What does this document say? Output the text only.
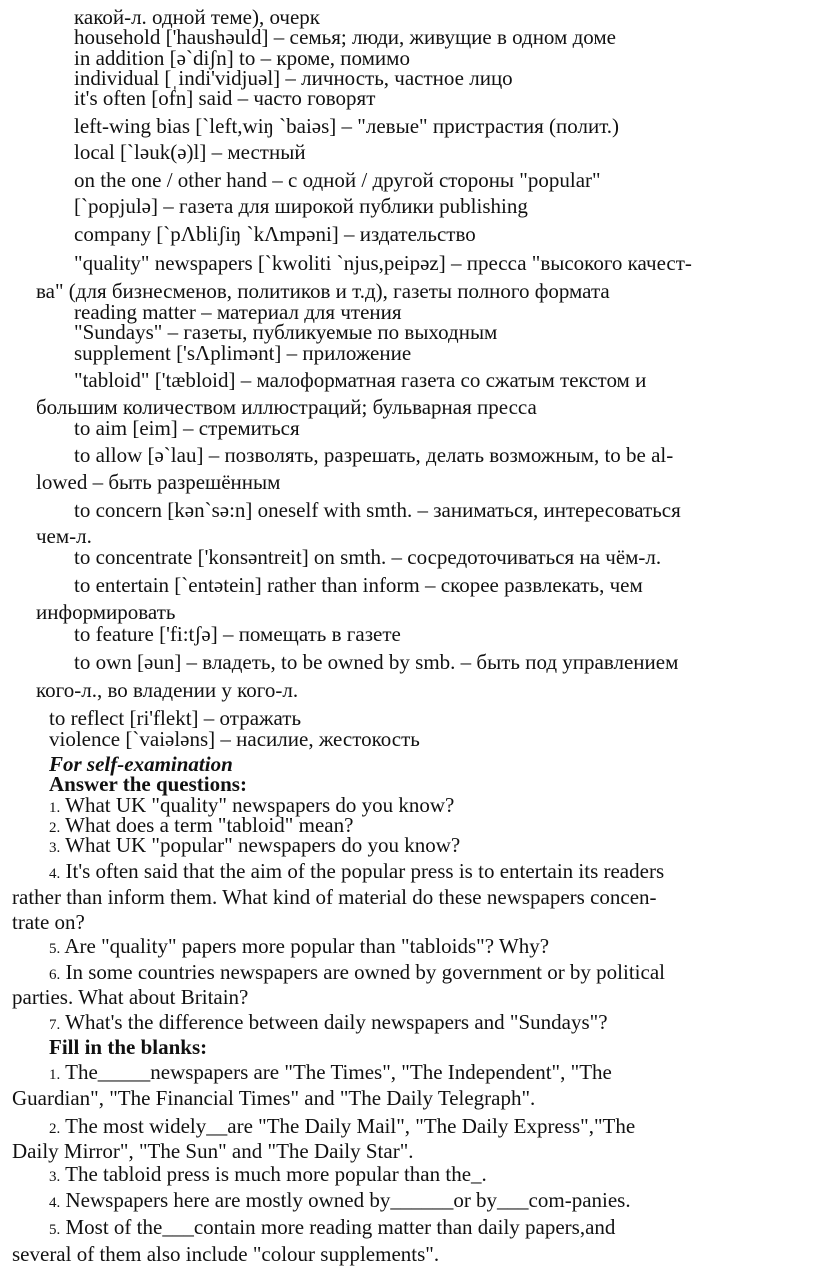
какой-л. одной теме), очерк
household ['haushəuld] – семья; люди, живущие в одном доме
in addition [ə`diʃn] to – кроме, помимо
individual [ˌindi'vidjuəl] – личность, частное лицо
it's often [ofn] said – часто говорят
left-wing bias [`left,wiŋ `baiəs] – "левые" пристрастия (полит.)
local [`ləuk(ə)l] – местный
on the one / other hand – с одной / другой стороны "popular"
[`popjulə] – газета для широкой публики publishing
company [`pΛbliʃiŋ `kΛmpəni] – издательство
"quality" newspapers [`kwoliti `njus,peipəz] – пресса "высокого качест-
ва" (для бизнесменов, политиков и т.д), газеты полного формата
reading matter – материал для чтения
"Sundays" – газеты, публикуемые по выходным
supplement ['sΛplimənt] – приложение
"tabloid" ['tæbloid] – малоформатная газета со сжатым текстом и
большим количеством иллюстраций; бульварная пресса
to aim [eim] – стремиться
to allow [ə`lau] – позволять, разрешать, делать возможным, to be al-
lowed – быть разрешённым
to concern [kən`sə:n] oneself with smth. – заниматься, интересоваться
чем-л.
to concentrate ['konsəntreit] on smth. – сосредоточиваться на чём-л.
to entertain [`entətein] rather than inform – скорее развлекать, чем
информировать
to feature ['fi:tʃə] – помещать в газете
to own [əun] – владеть, to be owned by smb. – быть под управлением
кого-л., во владении у кого-л.
to reflect [ri'flekt] – отражать
violence [`vaiələns] – насилие, жестокость
For self-examination
Answer the questions:
1. What UK "quality" newspapers do you know?
2. What does a term "tabloid" mean?
3. What UK "popular" newspapers do you know?
4. It's often said that the aim of the popular press is to entertain its readers
rather than inform them. What kind of material do these newspapers concen-
trate on?
5. Are "quality" papers more popular than "tabloids"? Why?
6. In some countries newspapers are owned by government or by political
parties. What about Britain?
7. What's the difference between daily newspapers and "Sundays"?
Fill in the blanks:
1. The_____newspapers are "The Times", "The Independent", "The
Guardian", "The Financial Times" and "The Daily Telegraph".
2. The most widely__are "The Daily Mail", "The Daily Express","The
Daily Mirror", "The Sun" and "The Daily Star".
3. The tabloid press is much more popular than the_.
4. Newspapers here are mostly owned by______or by___com-panies.
5. Most of the___contain more reading matter than daily papers,and
several of them also include "colour supplements".
